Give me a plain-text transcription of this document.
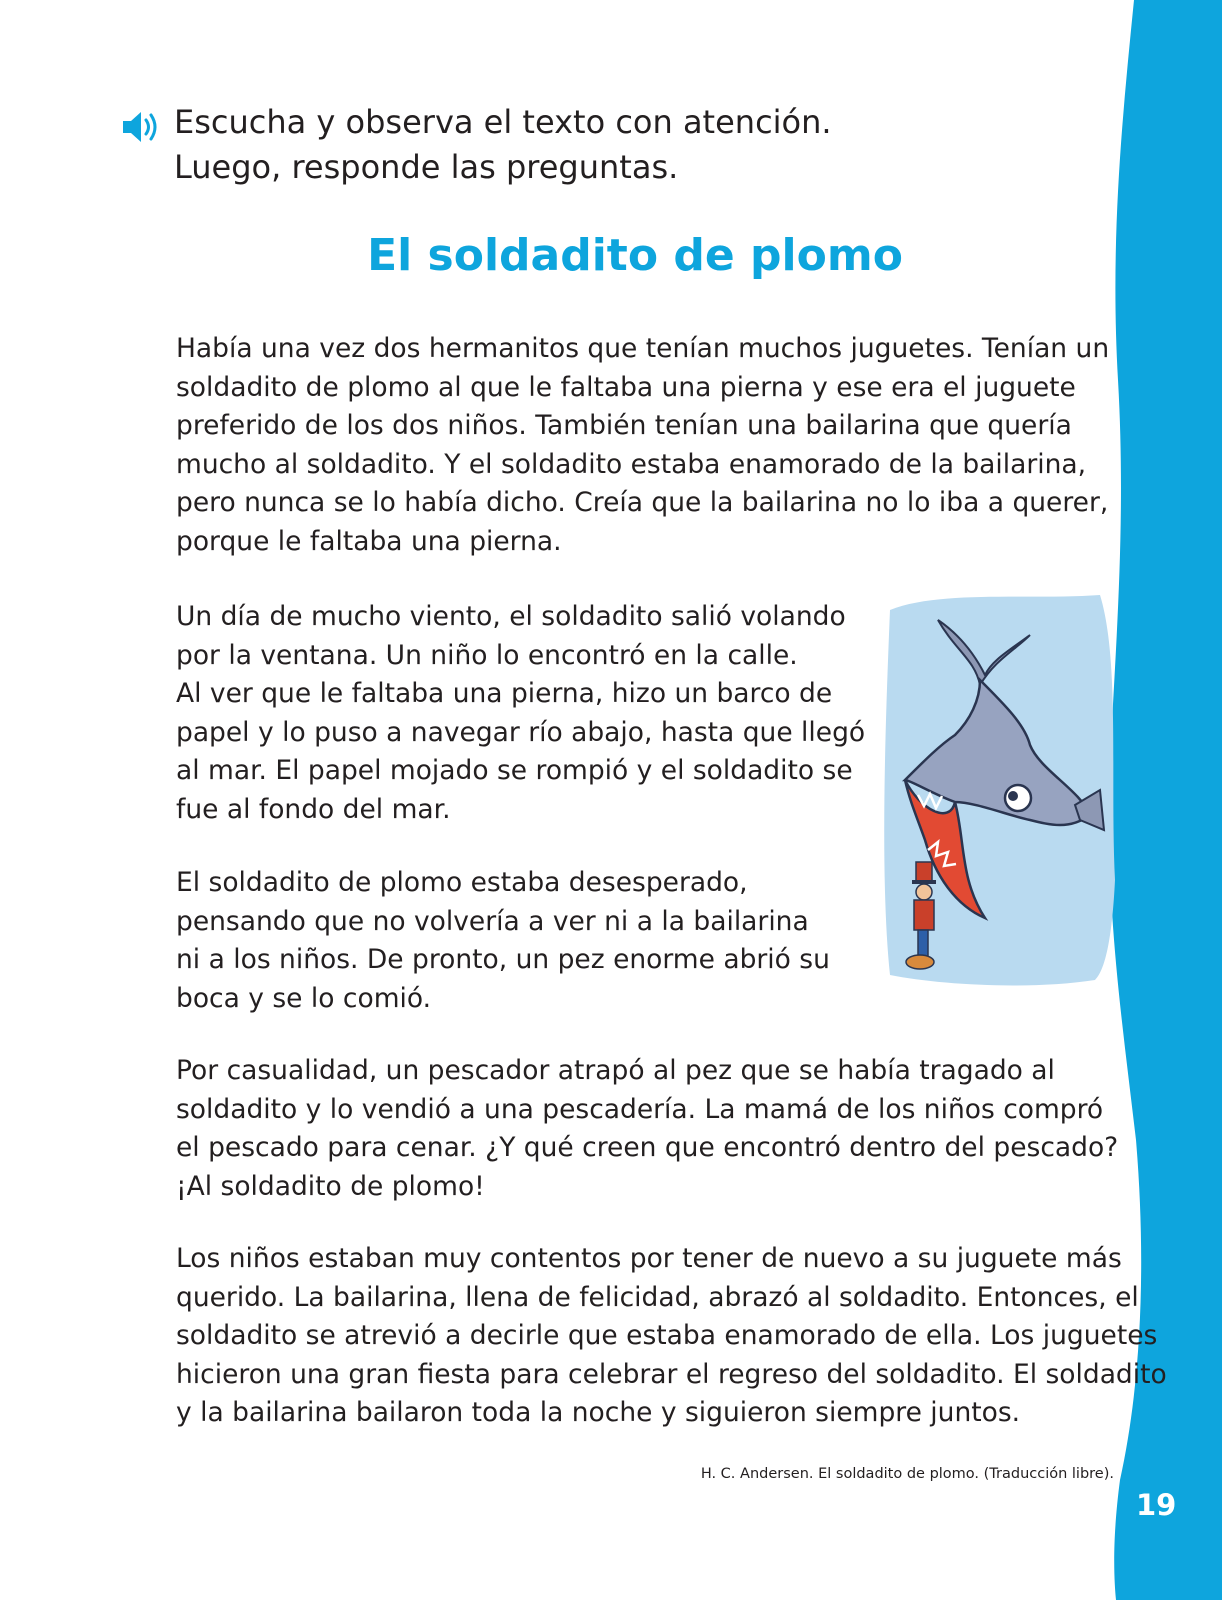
19
Escucha y observa el texto con atención.
Luego, responde las preguntas.
El soldadito de plomo
Había una vez dos hermanitos que tenían muchos juguetes. Tenían un
soldadito de plomo al que le faltaba una pierna y ese era el juguete
preferido de los dos niños. También tenían una bailarina que quería
mucho al soldadito. Y el soldadito estaba enamorado de la bailarina,
pero nunca se lo había dicho. Creía que la bailarina no lo iba a querer,
porque le faltaba una pierna.
Un día de mucho viento, el soldadito salió volando
por la ventana. Un niño lo encontró en la calle.
Al ver que le faltaba una pierna, hizo un barco de
papel y lo puso a navegar río abajo, hasta que llegó
al mar. El papel mojado se rompió y el soldadito se
fue al fondo del mar.
El soldadito de plomo estaba desesperado,
pensando que no volvería a ver ni a la bailarina
ni a los niños. De pronto, un pez enorme abrió su
boca y se lo comió.
Por casualidad, un pescador atrapó al pez que se había tragado al
soldadito y lo vendió a una pescadería. La mamá de los niños compró
el pescado para cenar. ¿Y qué creen que encontró dentro del pescado?
¡Al soldadito de plomo!
Los niños estaban muy contentos por tener de nuevo a su juguete más
querido. La bailarina, llena de felicidad, abrazó al soldadito. Entonces, el
soldadito se atrevió a decirle que estaba enamorado de ella. Los juguetes
hicieron una gran fiesta para celebrar el regreso del soldadito. El soldadito
y la bailarina bailaron toda la noche y siguieron siempre juntos.
H. C. Andersen. El soldadito de plomo. (Traducción libre).
